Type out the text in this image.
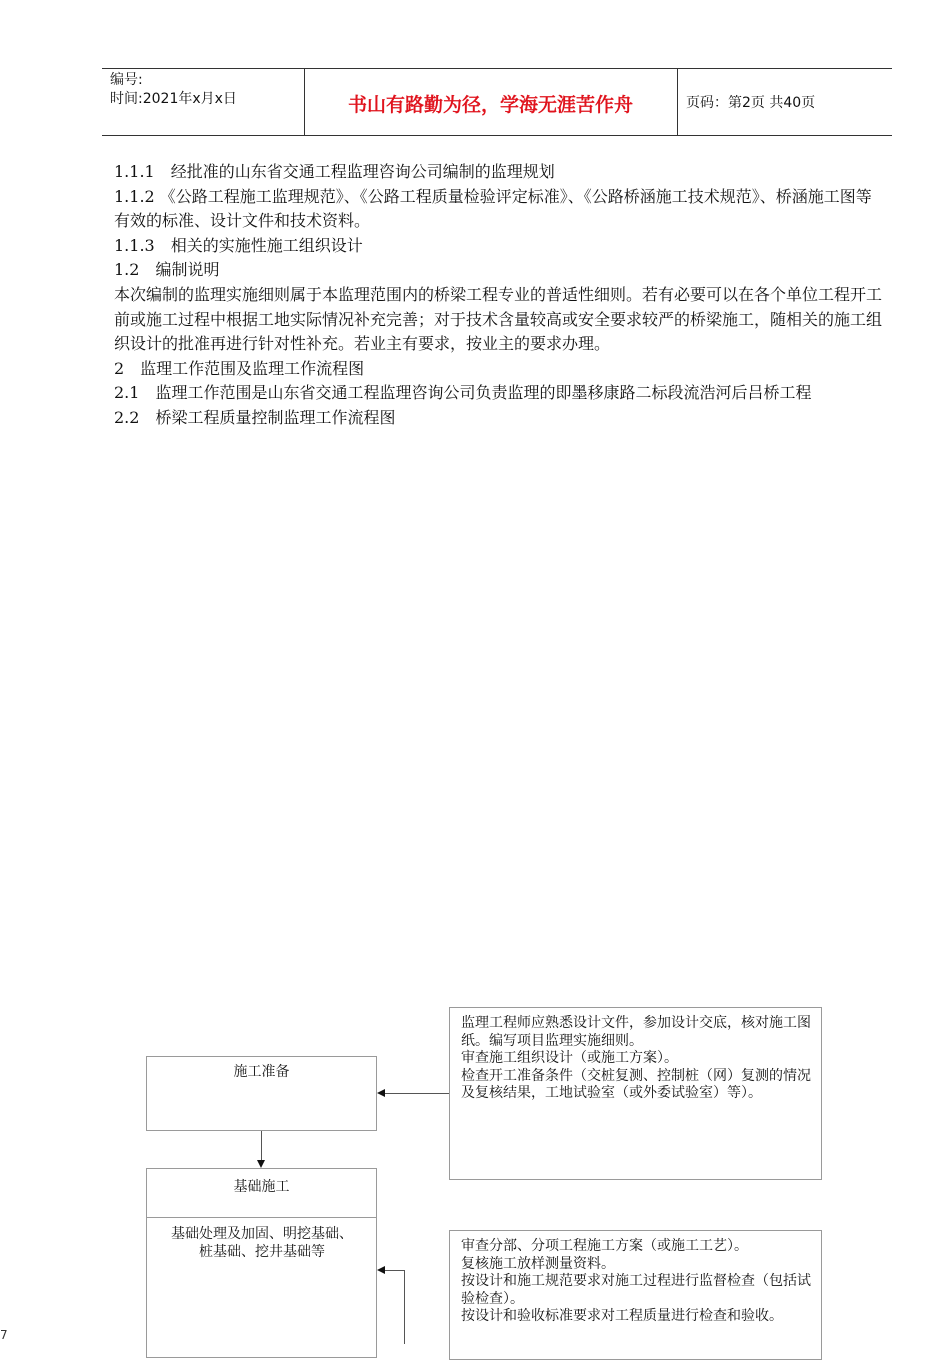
编号:
时间:2021年x月x日	书山有路勤为径，学海无涯苦作舟	页码：第2页 共40页

1.1.1　经批准的山东省交通工程监理咨询公司编制的监理规划

1.1.2 《公路工程施工监理规范》、《公路工程质量检验评定标准》、《公路桥涵施工技术规范》、桥涵施工图等有效的标准、设计文件和技术资料。

1.1.3　相关的实施性施工组织设计

1.2　编制说明

本次编制的监理实施细则属于本监理范围内的桥梁工程专业的普适性细则。若有必要可以在各个单位工程开工前或施工过程中根据工地实际情况补充完善；对于技术含量较高或安全要求较严的桥梁施工，随相关的施工组织设计的批准再进行针对性补充。若业主有要求，按业主的要求办理。

2　监理工作范围及监理工作流程图

2.1　监理工作范围是山东省交通工程监理咨询公司负责监理的即墨移康路二标段流浩河后吕桥工程

2.2　桥梁工程质量控制监理工作流程图

施工准备

监理工程师应熟悉设计文件，参加设计交底，核对施工图纸。编写项目监理实施细则。

审查施工组织设计（或施工方案）。

检查开工准备条件（交桩复测、控制桩（网）复测的情况及复核结果，工地试验室（或外委试验室）等）。

基础施工
基础处理及加固、明挖基础、桩基础、挖井基础等	审查分部、分项工程施工方案（或施工工艺）。

复核施工放样测量资料。

按设计和施工规范要求对施工过程进行监督检查（包括试验检查）。

按设计和验收标准要求对工程质量进行检查和验收。

7
